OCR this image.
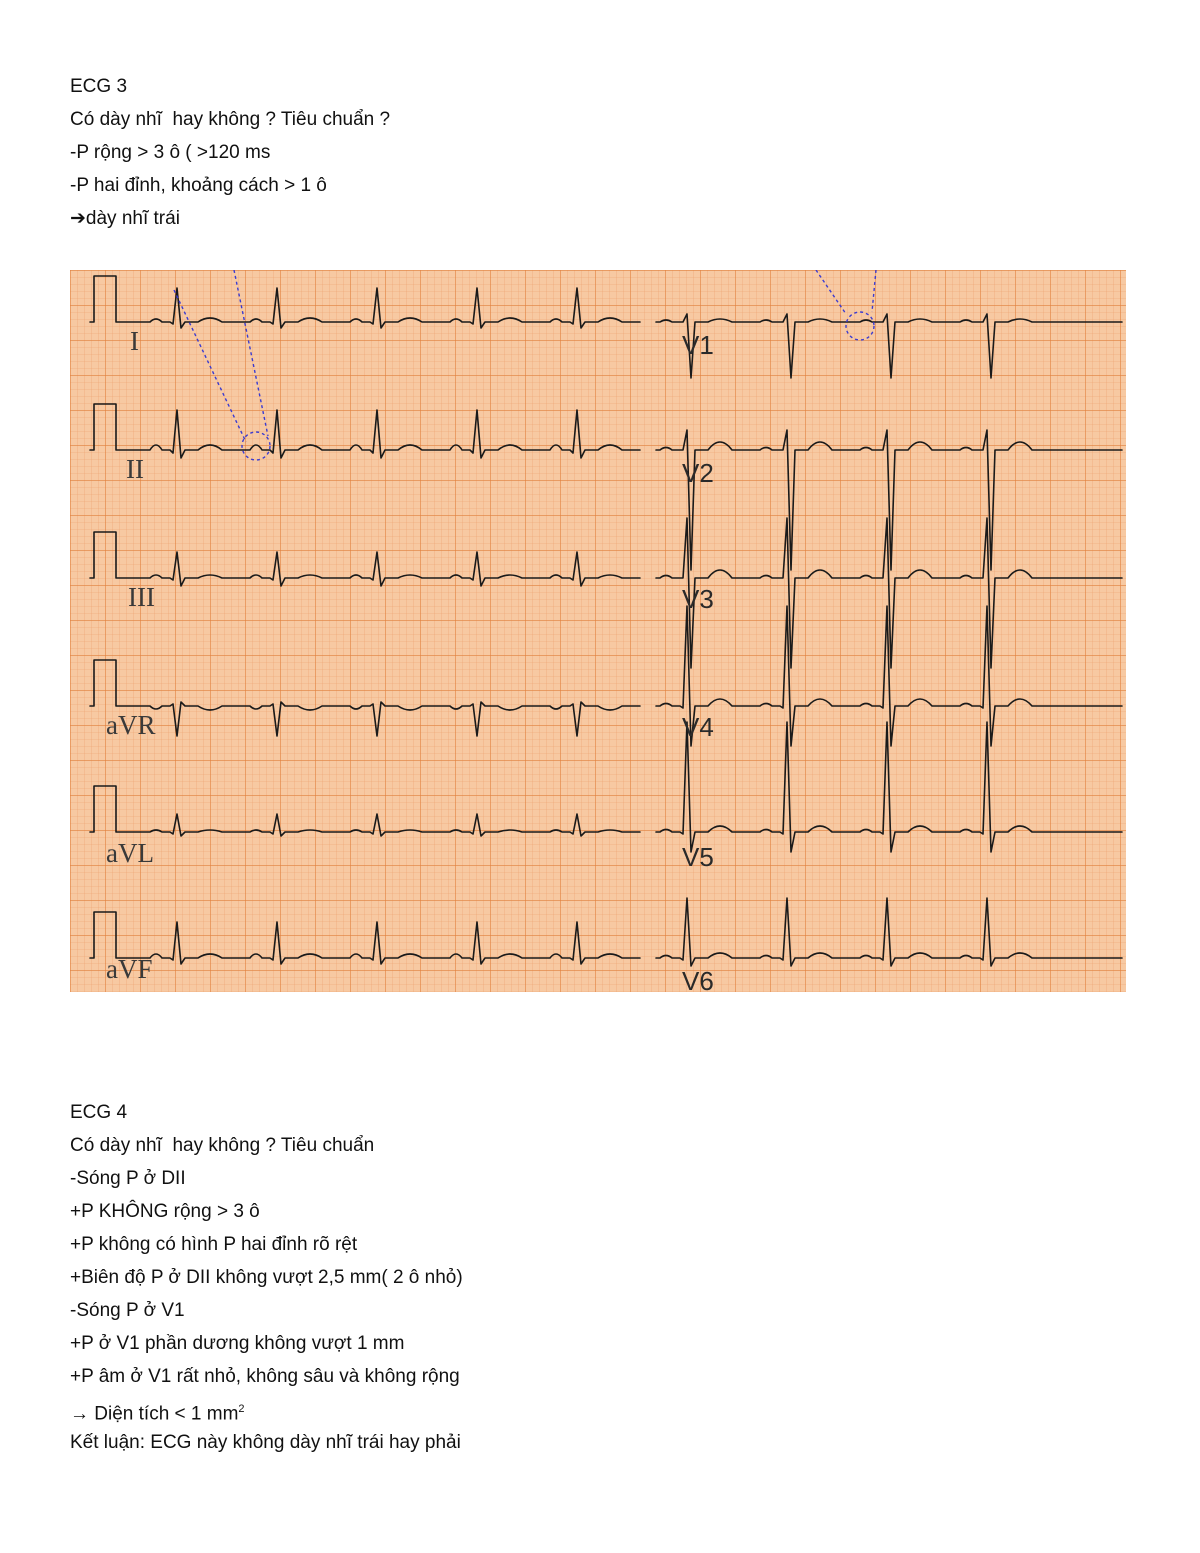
ECG 3
Có dày nhĩ  hay không ? Tiêu chuẩn ?
-P rộng > 3 ô ( >120 ms
-P hai đỉnh, khoảng cách > 1 ô
➔dày nhĩ trái
I	V1
II	V2
III	V3
aVR	V4
aVL	V5
aVF	V6
ECG 4
Có dày nhĩ  hay không ? Tiêu chuẩn
-Sóng P ở DII
+P KHÔNG rộng > 3 ô
+P không có hình P hai đỉnh rõ rệt
+Biên độ P ở DII không vượt 2,5 mm( 2 ô nhỏ)
-Sóng P ở V1
+P ở V1 phần dương không vượt 1 mm
+P âm ở V1 rất nhỏ, không sâu và không rộng
→ Diện tích < 1 $mm^2$
Kết luận: ECG này không dày nhĩ trái hay phải
